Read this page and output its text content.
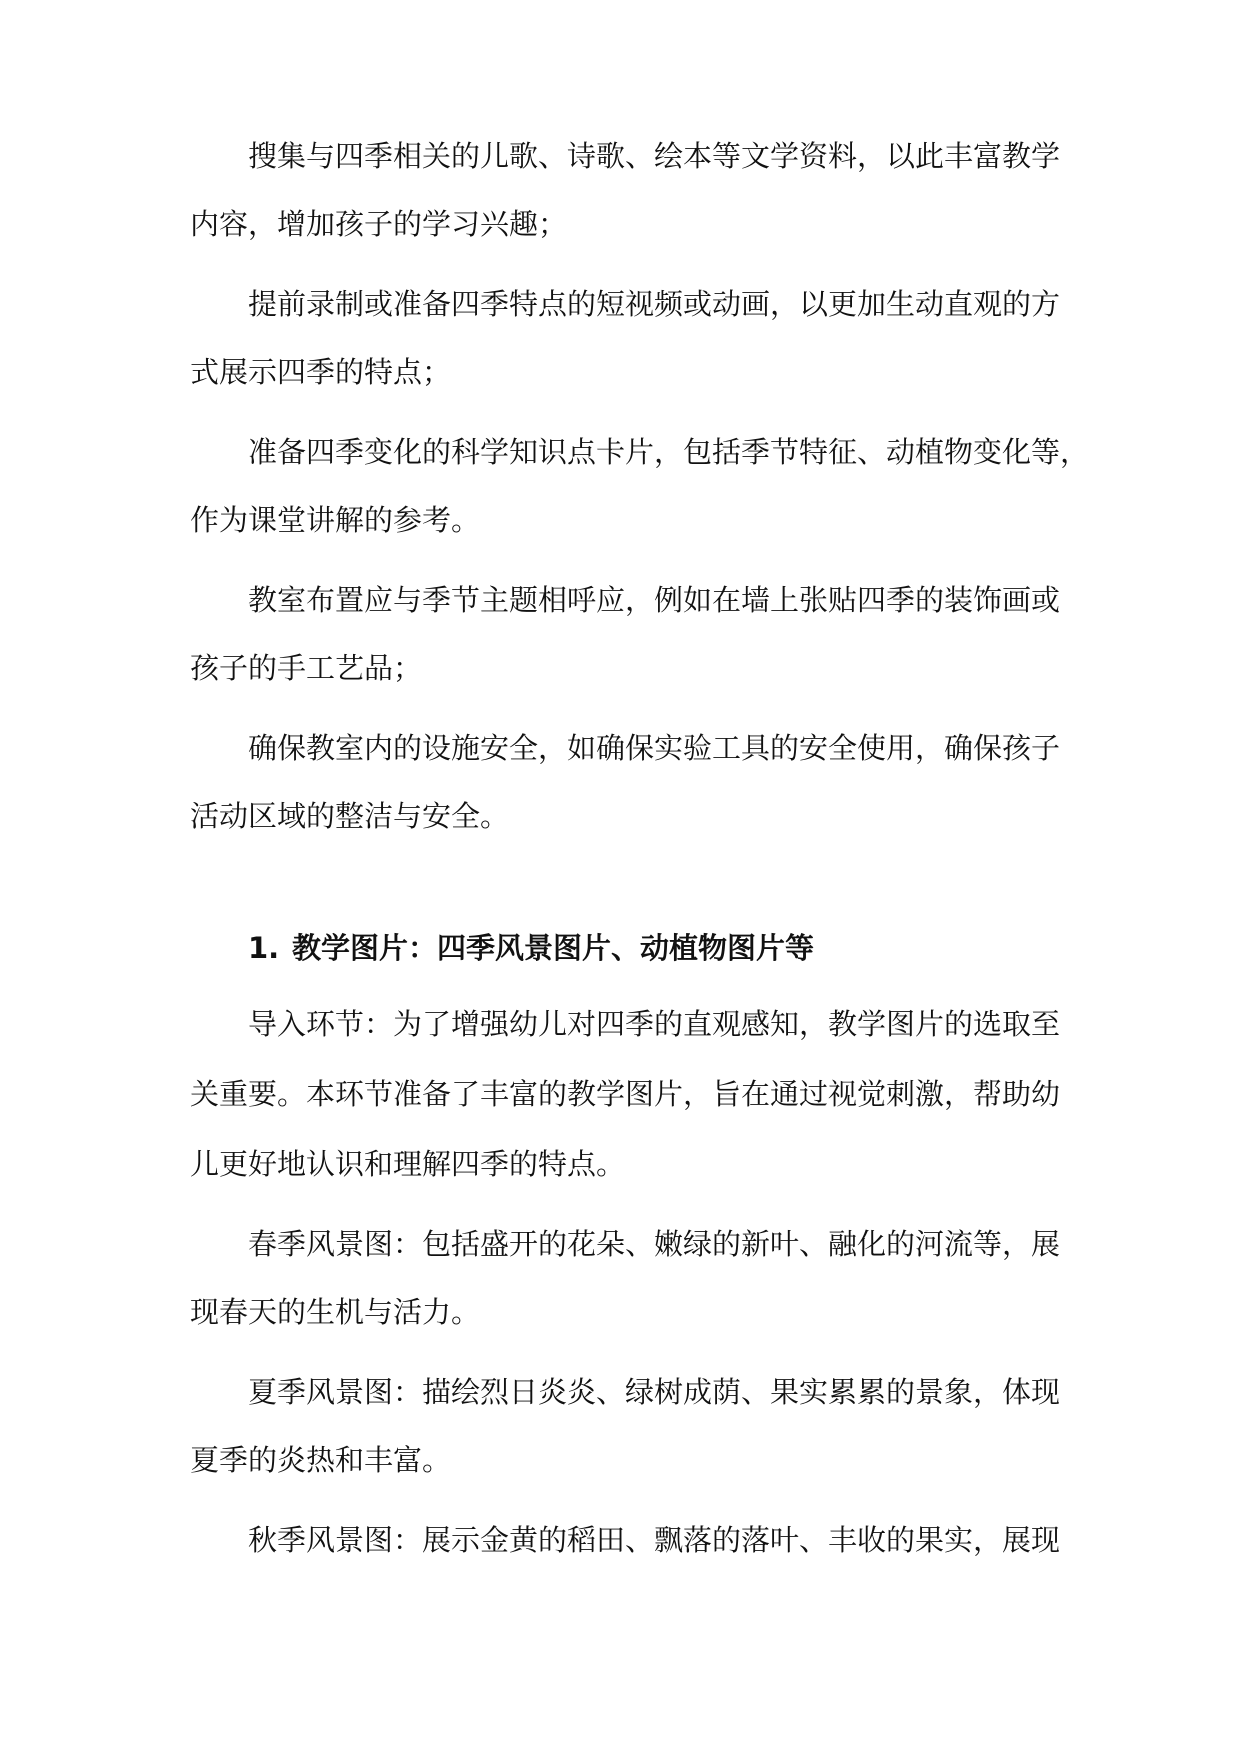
搜集与四季相关的儿歌、诗歌、绘本等文学资料，以此丰富教学
内容，增加孩子的学习兴趣；
提前录制或准备四季特点的短视频或动画，以更加生动直观的方
式展示四季的特点；
准备四季变化的科学知识点卡片，包括季节特征、动植物变化等，
作为课堂讲解的参考。
教室布置应与季节主题相呼应，例如在墙上张贴四季的装饰画或
孩子的手工艺品；
确保教室内的设施安全，如确保实验工具的安全使用，确保孩子
活动区域的整洁与安全。
1. 教学图片：四季风景图片、动植物图片等
导入环节：为了增强幼儿对四季的直观感知，教学图片的选取至
关重要。本环节准备了丰富的教学图片，旨在通过视觉刺激，帮助幼
儿更好地认识和理解四季的特点。
春季风景图：包括盛开的花朵、嫩绿的新叶、融化的河流等，展
现春天的生机与活力。
夏季风景图：描绘烈日炎炎、绿树成荫、果实累累的景象，体现
夏季的炎热和丰富。
秋季风景图：展示金黄的稻田、飘落的落叶、丰收的果实，展现
